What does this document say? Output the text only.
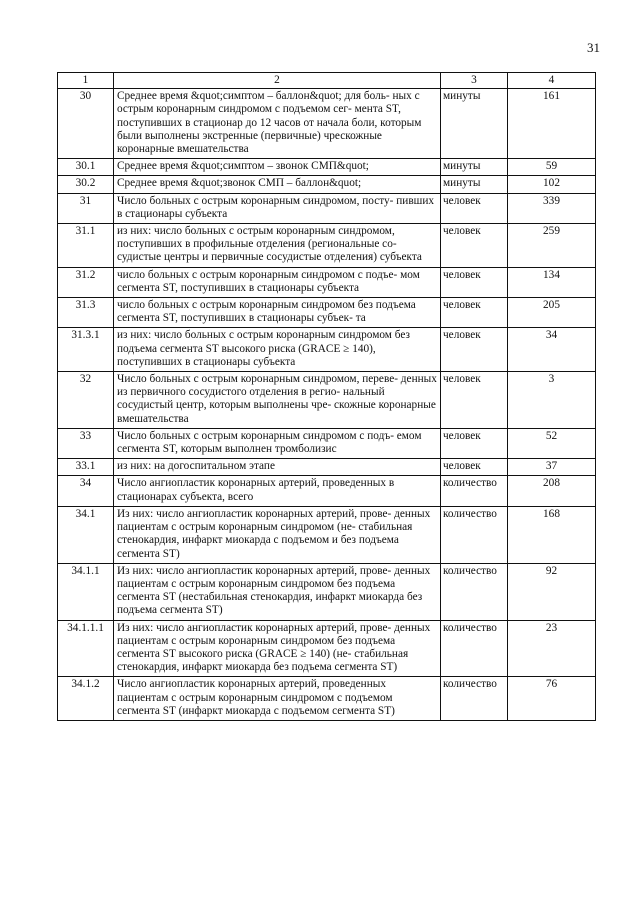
31
1	2	3	4
30	Среднее время &quot;симптом – баллон&quot; для боль- ных с острым коронарным синдромом с подъемом сег- мента ST, поступивших в стационар до 12 часов от начала боли, которым были выполнены экстренные (первичные) чрескожные коронарные вмешательства	минуты	161
30.1	Среднее время &quot;симптом – звонок СМП&quot;	минуты	59
30.2	Среднее время &quot;звонок СМП – баллон&quot;	минуты	102
31	Число больных с острым коронарным синдромом, посту- пивших в стационары субъекта	человек	339
31.1	из них: число больных с острым коронарным синдромом, поступивших в профильные отделения (региональные со- судистые центры и первичные сосудистые отделения) субъекта	человек	259
31.2	число больных с острым коронарным синдромом с подъе- мом сегмента ST, поступивших в стационары субъекта	человек	134
31.3	число больных с острым коронарным синдромом без подъема сегмента ST, поступивших в стационары субъек- та	человек	205
31.3.1	из них: число больных с острым коронарным синдромом без подъема сегмента ST высокого риска (GRACE ≥ 140), поступивших в стационары субъекта	человек	34
32	Число больных с острым коронарным синдромом, переве- денных из первичного сосудистого отделения в регио- нальный сосудистый центр, которым выполнены чре- скожные коронарные вмешательства	человек	3
33	Число больных с острым коронарным синдромом с подъ- емом сегмента ST, которым выполнен тромболизис	человек	52
33.1	из них: на догоспитальном этапе	человек	37
34	Число ангиопластик коронарных артерий, проведенных в стационарах субъекта, всего	количество	208
34.1	Из них: число ангиопластик коронарных артерий, прове- денных пациентам с острым коронарным синдромом (не- стабильная стенокардия, инфаркт миокарда с подъемом и без подъема сегмента ST)	количество	168
34.1.1	Из них: число ангиопластик коронарных артерий, прове- денных пациентам с острым коронарным синдромом без подъема сегмента ST (нестабильная стенокардия, инфаркт миокарда без подъема сегмента ST)	количество	92
34.1.1.1	Из них: число ангиопластик коронарных артерий, прове- денных пациентам с острым коронарным синдромом без подъема сегмента ST высокого риска (GRACE ≥ 140) (не- стабильная стенокардия, инфаркт миокарда без подъема сегмента ST)	количество	23
34.1.2	Число ангиопластик коронарных артерий, проведенных пациентам с острым коронарным синдромом с подъемом сегмента ST (инфаркт миокарда с подъемом сегмента ST)	количество	76
